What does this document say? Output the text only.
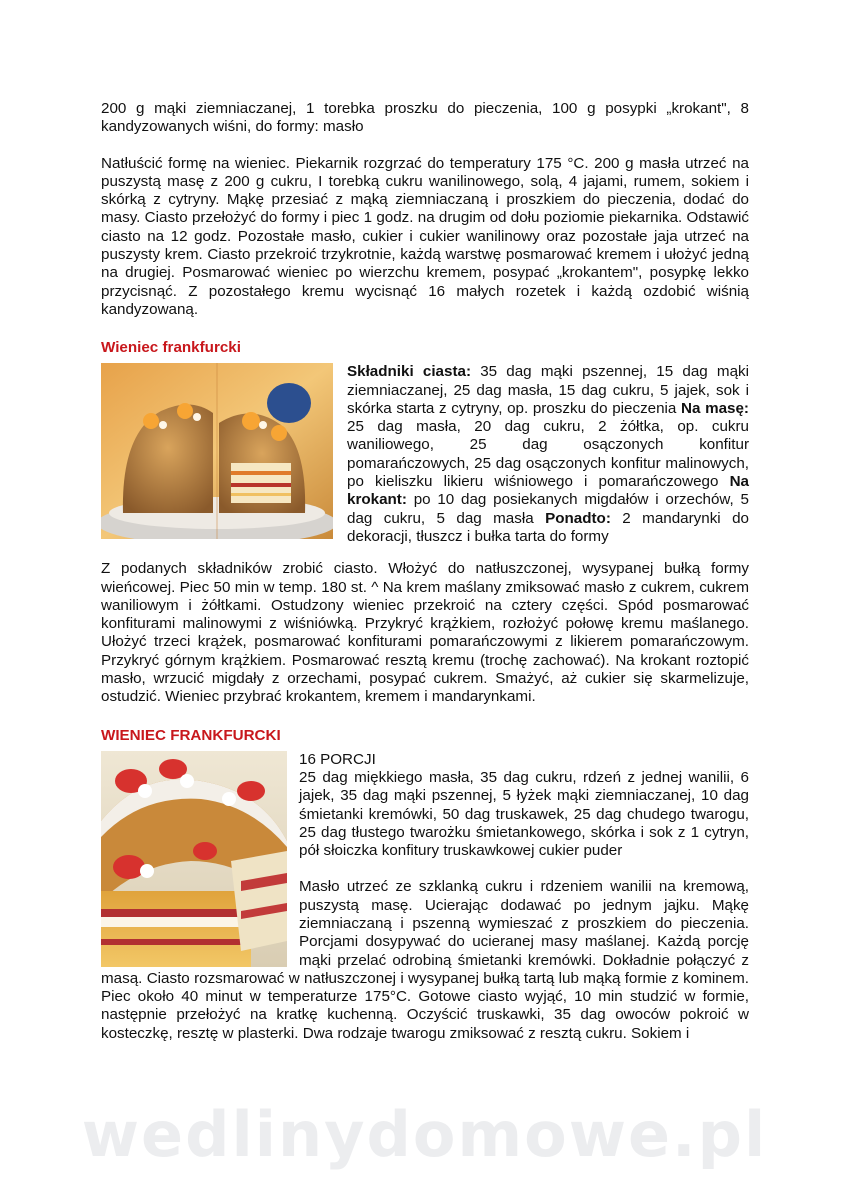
200 g mąki ziemniaczanej, 1 torebka proszku do pieczenia, 100 g posypki „krokant", 8 kandyzowanych wiśni, do formy: masło

Natłuścić formę na wieniec. Piekarnik rozgrzać do temperatury 175 °C. 200 g masła utrzeć na puszystą masę z 200 g cukru, I torebką cukru wanilinowego, solą, 4 jajami, rumem, sokiem i skórką z cytryny. Mąkę przesiać z mąką ziemniaczaną i proszkiem do pieczenia, dodać do masy. Ciasto przełożyć do formy i piec 1 godz. na drugim od dołu poziomie piekarnika. Odstawić ciasto na 12 godz. Pozostałe masło, cukier i cukier wanilinowy oraz pozostałe jaja utrzeć na puszysty krem. Ciasto przekroić trzykrotnie, każdą warstwę posmarować kremem i ułożyć jedną na drugiej. Posmarować wieniec po wierzchu kremem, posypać „krokantem", posypkę lekko przycisnąć. Z pozostałego kremu wycisnąć 16 małych rozetek i każdą ozdobić wiśnią kandyzowaną.

Wieniec frankfurcki

Składniki ciasta: 35 dag mąki pszennej, 15 dag mąki ziemniaczanej, 25 dag masła, 15 dag cukru, 5 jajek, sok i skórka starta z cytryny, op. proszku do pieczenia Na masę: 25 dag masła, 20 dag cukru, 2 żółtka, op. cukru waniliowego, 25 dag osączonych konfitur pomarańczowych, 25 dag osączonych konfitur malinowych, po kieliszku likieru wiśniowego i pomarańczowego Na krokant: po 10 dag posiekanych migdałów i orzechów, 5 dag cukru, 5 dag masła Ponadto: 2 mandarynki do dekoracji, tłuszcz i bułka tarta do formy

Z podanych składników zrobić ciasto. Włożyć do natłuszczonej, wysypanej bułką formy wieńcowej. Piec 50 min w temp. 180 st. ^ Na krem maślany zmiksować masło z cukrem, cukrem waniliowym i żółtkami. Ostudzony wieniec przekroić na cztery części. Spód posmarować konfiturami malinowymi z wiśniówką. Przykryć krążkiem, rozłożyć połowę kremu maślanego. Ułożyć trzeci krążek, posmarować konfiturami pomarańczowymi z likierem pomarańczowym. Przykryć górnym krążkiem. Posmarować resztą kremu (trochę zachować). Na krokant roztopić masło, wrzucić migdały z orzechami, posypać cukrem. Smażyć, aż cukier się skarmelizuje, ostudzić. Wieniec przybrać krokantem, kremem i mandarynkami.

WIENIEC FRANKFURCKI

16 PORCJI

25 dag miękkiego masła, 35 dag cukru, rdzeń z jednej wanilii, 6 jajek, 35 dag mąki pszennej, 5 łyżek mąki ziemniaczanej, 10 dag śmietanki kremówki, 50 dag truskawek, 25 dag chudego twarogu, 25 dag tłustego twarożku śmietankowego, skórka i sok z 1 cytryn, pół słoiczka konfitury truskawkowej cukier puder

Masło utrzeć ze szklanką cukru i rdzeniem wanilii na kremową, puszystą masę. Ucierając dodawać po jednym jajku. Mąkę ziemniaczaną i pszenną wymieszać z proszkiem do pieczenia. Porcjami dosypywać do ucieranej masy maślanej. Każdą porcję mąki przelać odrobiną śmietanki kremówki. Dokładnie połączyć z masą. Ciasto rozsmarować w natłuszczonej i wysypanej bułką tartą lub mąką formie z kominem. Piec około 40 minut w temperaturze 175°C. Gotowe ciasto wyjąć, 10 min studzić w formie, następnie przełożyć na kratkę kuchenną. Oczyścić truskawki, 35 dag owoców pokroić w kosteczkę, resztę w plasterki. Dwa rodzaje twarogu zmiksować z resztą cukru. Sokiem i

wedlinydomowe.pl
